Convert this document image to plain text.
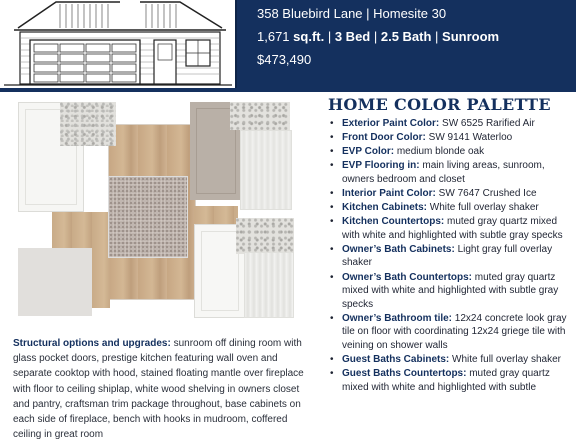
358 Bluebird Lane | Homesite 30
1,671 sq.ft. | 3 Bed | 2.5 Bath | Sunroom
$473,490
HOME COLOR PALETTE
• Exterior Paint Color: SW 6525 Rarified Air
• Front Door Color: SW 9141 Waterloo
• EVP Color: medium blonde oak
• EVP Flooring in: main living areas, sunroom, owners bedroom and closet
• Interior Paint Color: SW 7647 Crushed Ice
• Kitchen Cabinets: White full overlay shaker
• Kitchen Countertops: muted gray quartz mixed with white and highlighted with subtle gray specks
• Owner’s Bath Cabinets: Light gray full overlay shaker
• Owner’s Bath Countertops: muted gray quartz mixed with white and highlighted with subtle gray specks
• Owner’s Bathroom tile: 12x24 concrete look gray tile on floor with coordinating 12x24 griege tile with veining on shower walls
• Guest Baths Cabinets: White full overlay shaker
• Guest Baths Countertops: muted gray quartz mixed with white and highlighted with subtle
Structural options and upgrades: sunroom off dining room with glass pocket doors, prestige kitchen featuring wall oven and separate cooktop with hood, stained floating mantle over fireplace with floor to ceiling shiplap, white wood shelving in owners closet and pantry, craftsman trim package throughout, base cabinets on each side of fireplace, bench with hooks in mudroom, coffered ceiling in great room
